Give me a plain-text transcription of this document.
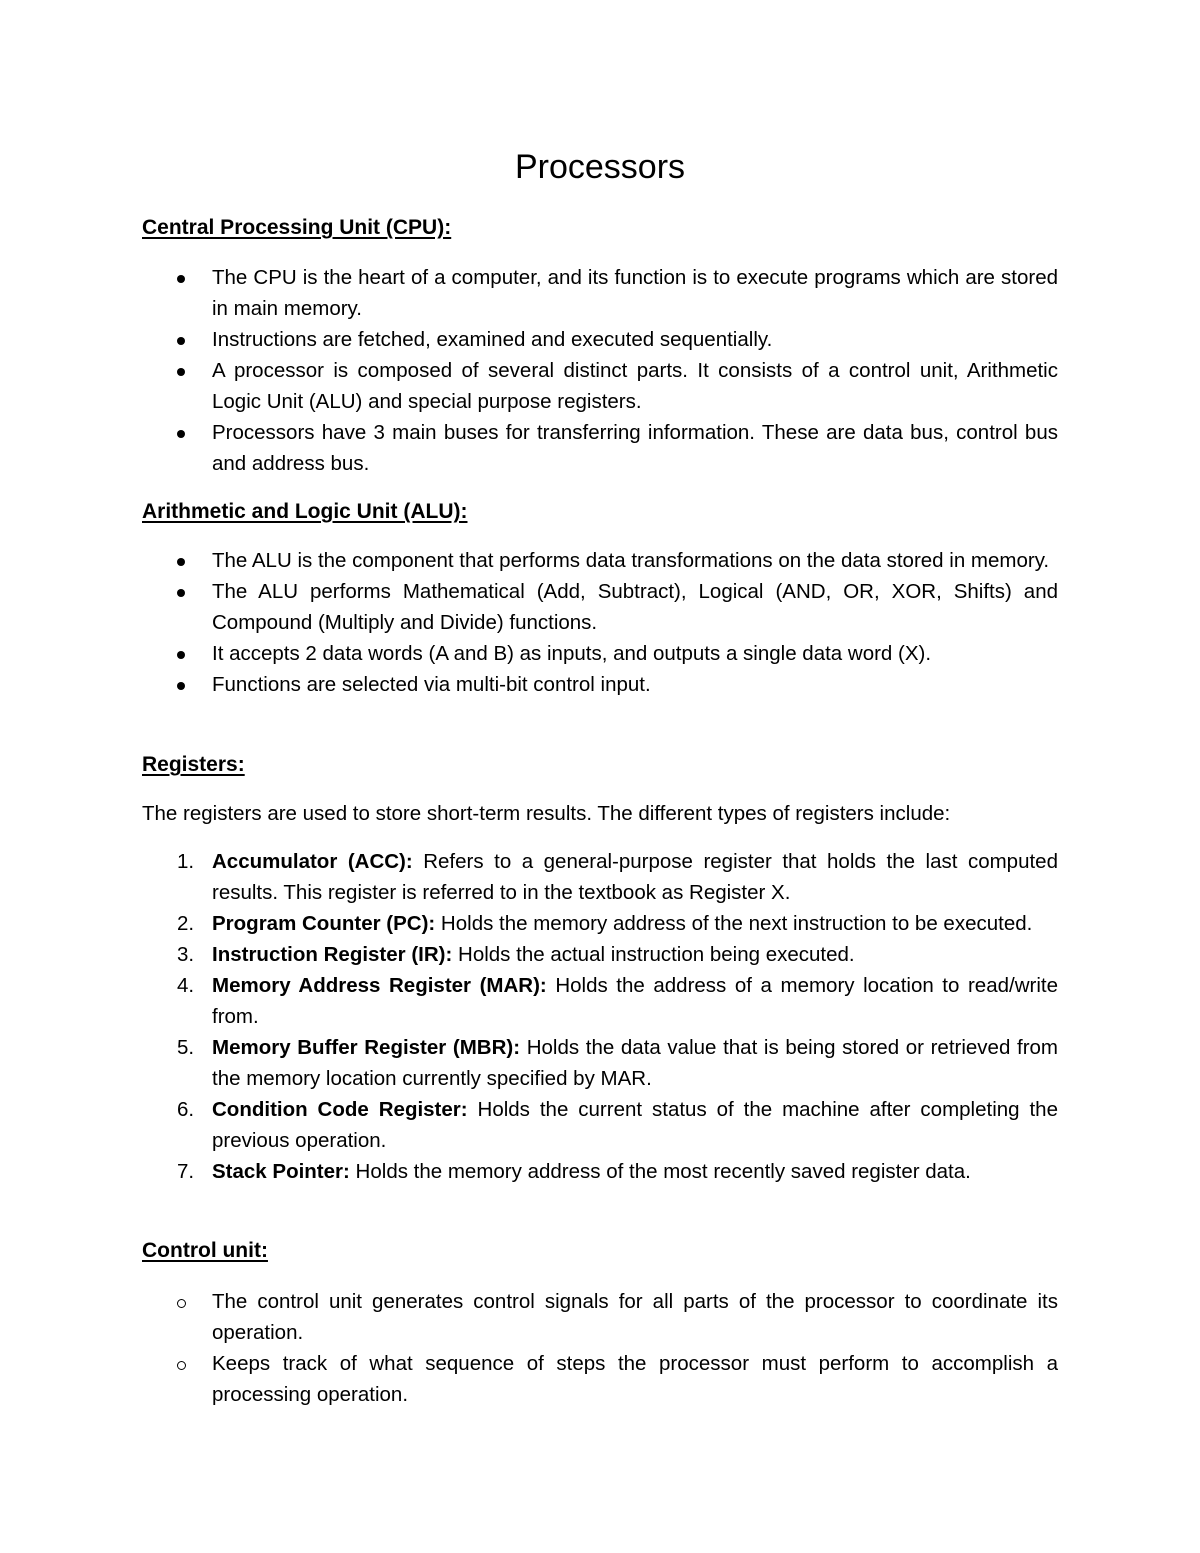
Processors
Central Processing Unit (CPU):
The CPU is the heart of a computer, and its function is to execute programs which are stored in main memory.
Instructions are fetched, examined and executed sequentially.
A processor is composed of several distinct parts. It consists of a control unit, Arithmetic Logic Unit (ALU) and special purpose registers.
Processors have 3 main buses for transferring information. These are data bus, control bus and address bus.
Arithmetic and Logic Unit (ALU):
The ALU is the component that performs data transformations on the data stored in memory.
The ALU performs Mathematical (Add, Subtract), Logical (AND, OR, XOR, Shifts) and Compound (Multiply and Divide) functions.
It accepts 2 data words (A and B) as inputs, and outputs a single data word (X).
Functions are selected via multi-bit control input.
Registers:

The registers are used to store short-term results. The different types of registers include:

1. Accumulator (ACC): Refers to a general-purpose register that holds the last computed results. This register is referred to in the textbook as Register X.
2. Program Counter (PC): Holds the memory address of the next instruction to be executed.
3. Instruction Register (IR): Holds the actual instruction being executed.
4. Memory Address Register (MAR): Holds the address of a memory location to read/write from.
5. Memory Buffer Register (MBR): Holds the data value that is being stored or retrieved from the memory location currently specified by MAR.
6. Condition Code Register: Holds the current status of the machine after completing the previous operation.
7. Stack Pointer: Holds the memory address of the most recently saved register data.
Control unit:
The control unit generates control signals for all parts of the processor to coordinate its operation.
Keeps track of what sequence of steps the processor must perform to accomplish a processing operation.
